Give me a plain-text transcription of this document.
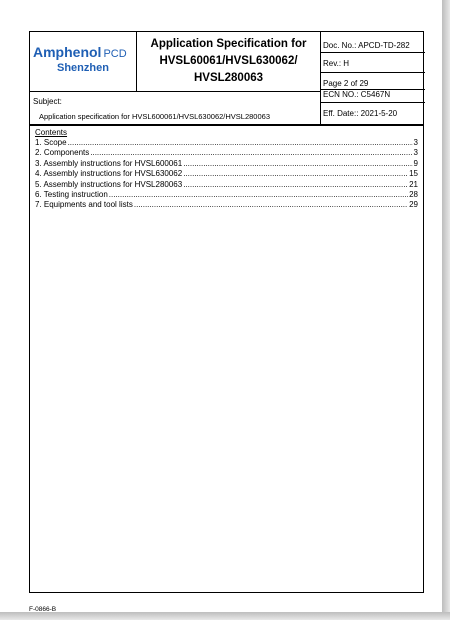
Amphenol PCD
Shenzhen
Application Specification for
HVSL60061/HVSL630062/
HVSL280063
Doc. No.: APCD-TD-282
Rev.: H
Page 2 of 29
ECN NO.: C5467N
Eff. Date:: 2021-5-20
Subject:
Application specification for HVSL600061/HVSL630062/HVSL280063
Contents
1. Scope .....	3
2. Components .....	3
3. Assembly instructions for HVSL600061 .....	9
4. Assembly instructions for HVSL630062 .....	15
5. Assembly instructions for HVSL280063 .....	21
6. Testing instruction .....	28
7. Equipments and tool lists .....	29
F-0866-B
